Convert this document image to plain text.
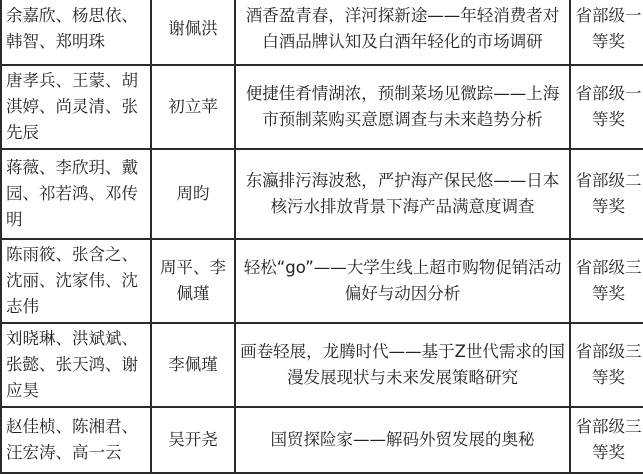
余嘉欣、杨思依、韩智、郑明珠	谢佩洪	酒香盈青春，洋河探新途——年轻消费者对白酒品牌认知及白酒年轻化的市场调研	省部级一等奖
唐孝兵、王蒙、胡淇婷、尚灵清、张先辰	初立苹	便捷佳肴情湖浓，预制菜场见微踪——上海市预制菜购买意愿调查与未来趋势分析	省部级一等奖
蒋薇、李欣玥、戴园、祁若鸿、邓传明	周昀	东瀛排污海波愁，严护海产保民悠——日本核污水排放背景下海产品满意度调查	省部级二等奖
陈雨筱、张含之、沈丽、沈家伟、沈志伟	周平、李佩瑾	轻松“go”——大学生线上超市购物促销活动偏好与动因分析	省部级三等奖
刘晓琳、洪斌斌、张懿、张天鸿、谢应昊	李佩瑾	画卷轻展，龙腾时代——基于Z世代需求的国漫发展现状与未来发展策略研究	省部级三等奖
赵佳桢、陈湘君、汪宏涛、高一云	吴开尧	国贸探险家——解码外贸发展的奥秘	省部级三等奖
